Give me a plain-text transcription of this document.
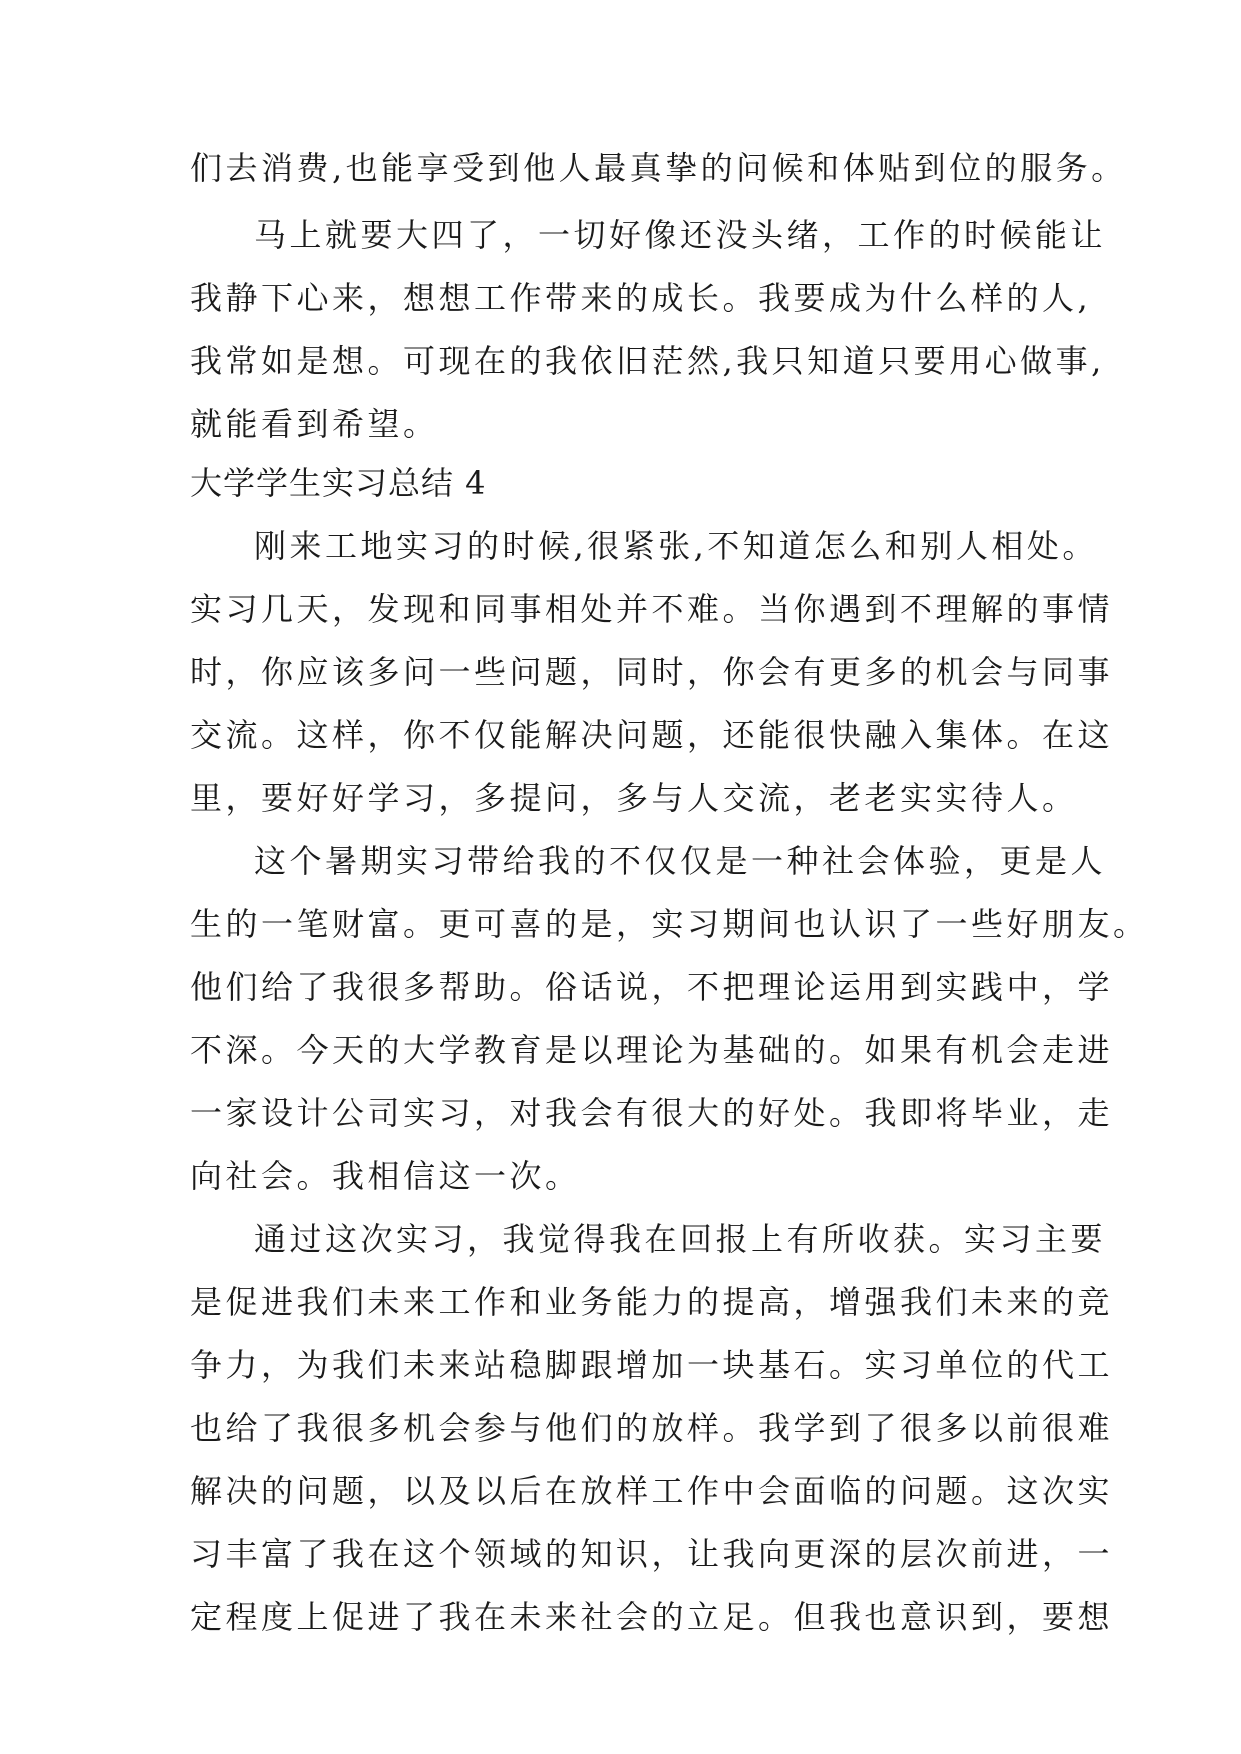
们去消费,也能享受到他人最真挚的问候和体贴到位的服务。
马上就要大四了，一切好像还没头绪，工作的时候能让
我静下心来，想想工作带来的成长。我要成为什么样的人,
我常如是想。可现在的我依旧茫然,我只知道只要用心做事,
就能看到希望。
大学学生实习总结 4
刚来工地实习的时候,很紧张,不知道怎么和别人相处。
实习几天，发现和同事相处并不难。当你遇到不理解的事情
时，你应该多问一些问题，同时，你会有更多的机会与同事
交流。这样，你不仅能解决问题，还能很快融入集体。在这
里，要好好学习，多提问，多与人交流，老老实实待人。
这个暑期实习带给我的不仅仅是一种社会体验，更是人
生的一笔财富。更可喜的是，实习期间也认识了一些好朋友。
他们给了我很多帮助。俗话说，不把理论运用到实践中，学
不深。今天的大学教育是以理论为基础的。如果有机会走进
一家设计公司实习，对我会有很大的好处。我即将毕业，走
向社会。我相信这一次。
通过这次实习，我觉得我在回报上有所收获。实习主要
是促进我们未来工作和业务能力的提高，增强我们未来的竞
争力，为我们未来站稳脚跟增加一块基石。实习单位的代工
也给了我很多机会参与他们的放样。我学到了很多以前很难
解决的问题，以及以后在放样工作中会面临的问题。这次实
习丰富了我在这个领域的知识，让我向更深的层次前进，一
定程度上促进了我在未来社会的立足。但我也意识到，要想
